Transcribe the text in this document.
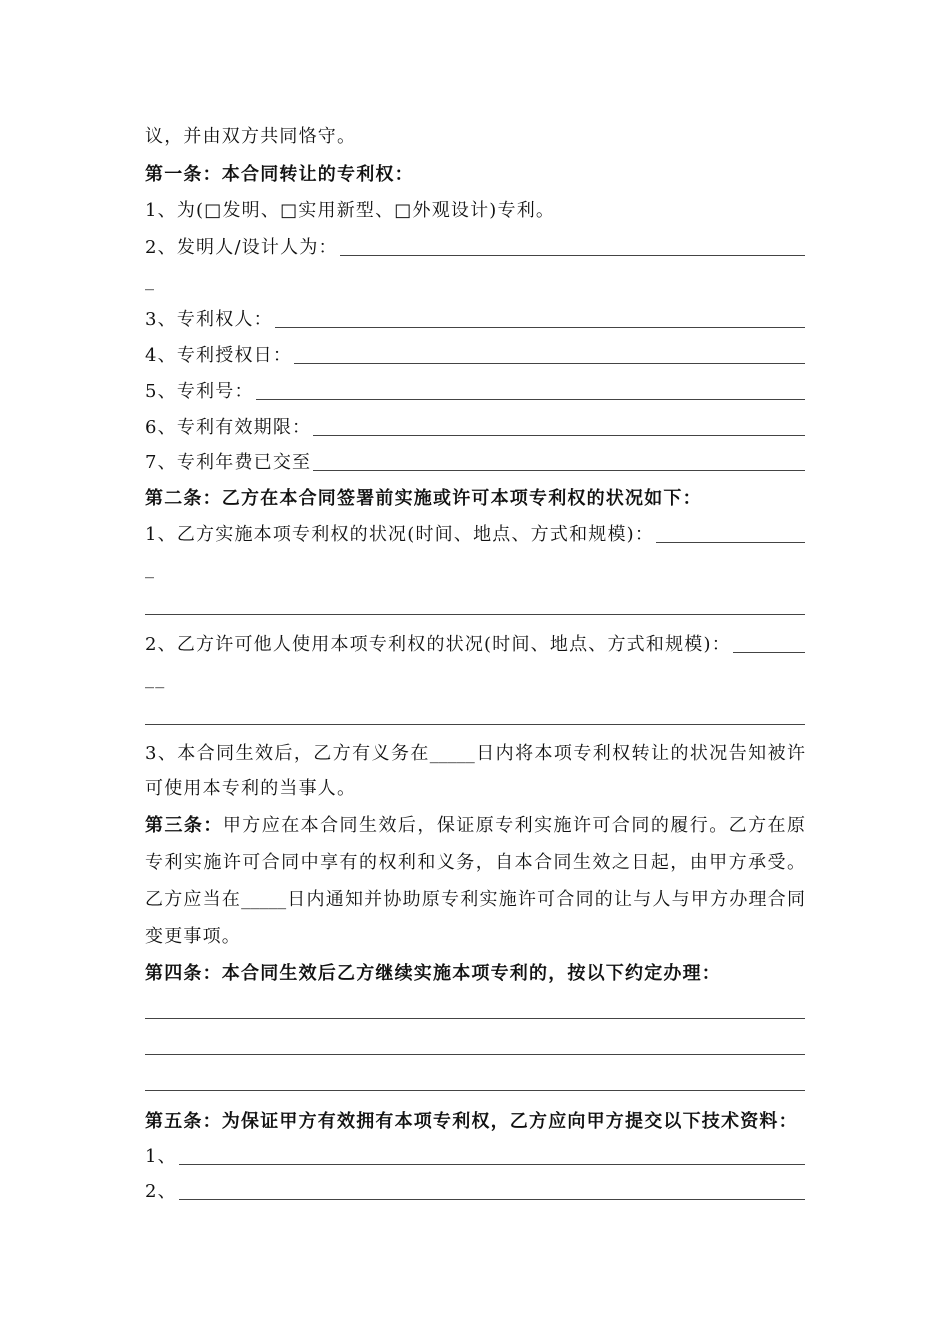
议，并由双方共同恪守。
第一条：本合同转让的专利权：
1、为(□发明、□实用新型、□外观设计)专利。
2、发明人/设计人为：
_
3、专利权人：
4、专利授权日：
5、专利号：
6、专利有效期限：
7、专利年费已交至
第二条：乙方在本合同签署前实施或许可本项专利权的状况如下：
1、乙方实施本项专利权的状况(时间、地点、方式和规模)：
_
2、乙方许可他人使用本项专利权的状况(时间、地点、方式和规模)：
__
3、本合同生效后，乙方有义务在_____日内将本项专利权转让的状况告知被许
可使用本专利的当事人。
第三条：甲方应在本合同生效后，保证原专利实施许可合同的履行。乙方在原
专利实施许可合同中享有的权利和义务，自本合同生效之日起，由甲方承受。
乙方应当在_____日内通知并协助原专利实施许可合同的让与人与甲方办理合同
变更事项。
第四条：本合同生效后乙方继续实施本项专利的，按以下约定办理：
第五条：为保证甲方有效拥有本项专利权，乙方应向甲方提交以下技术资料：
1、
2、
